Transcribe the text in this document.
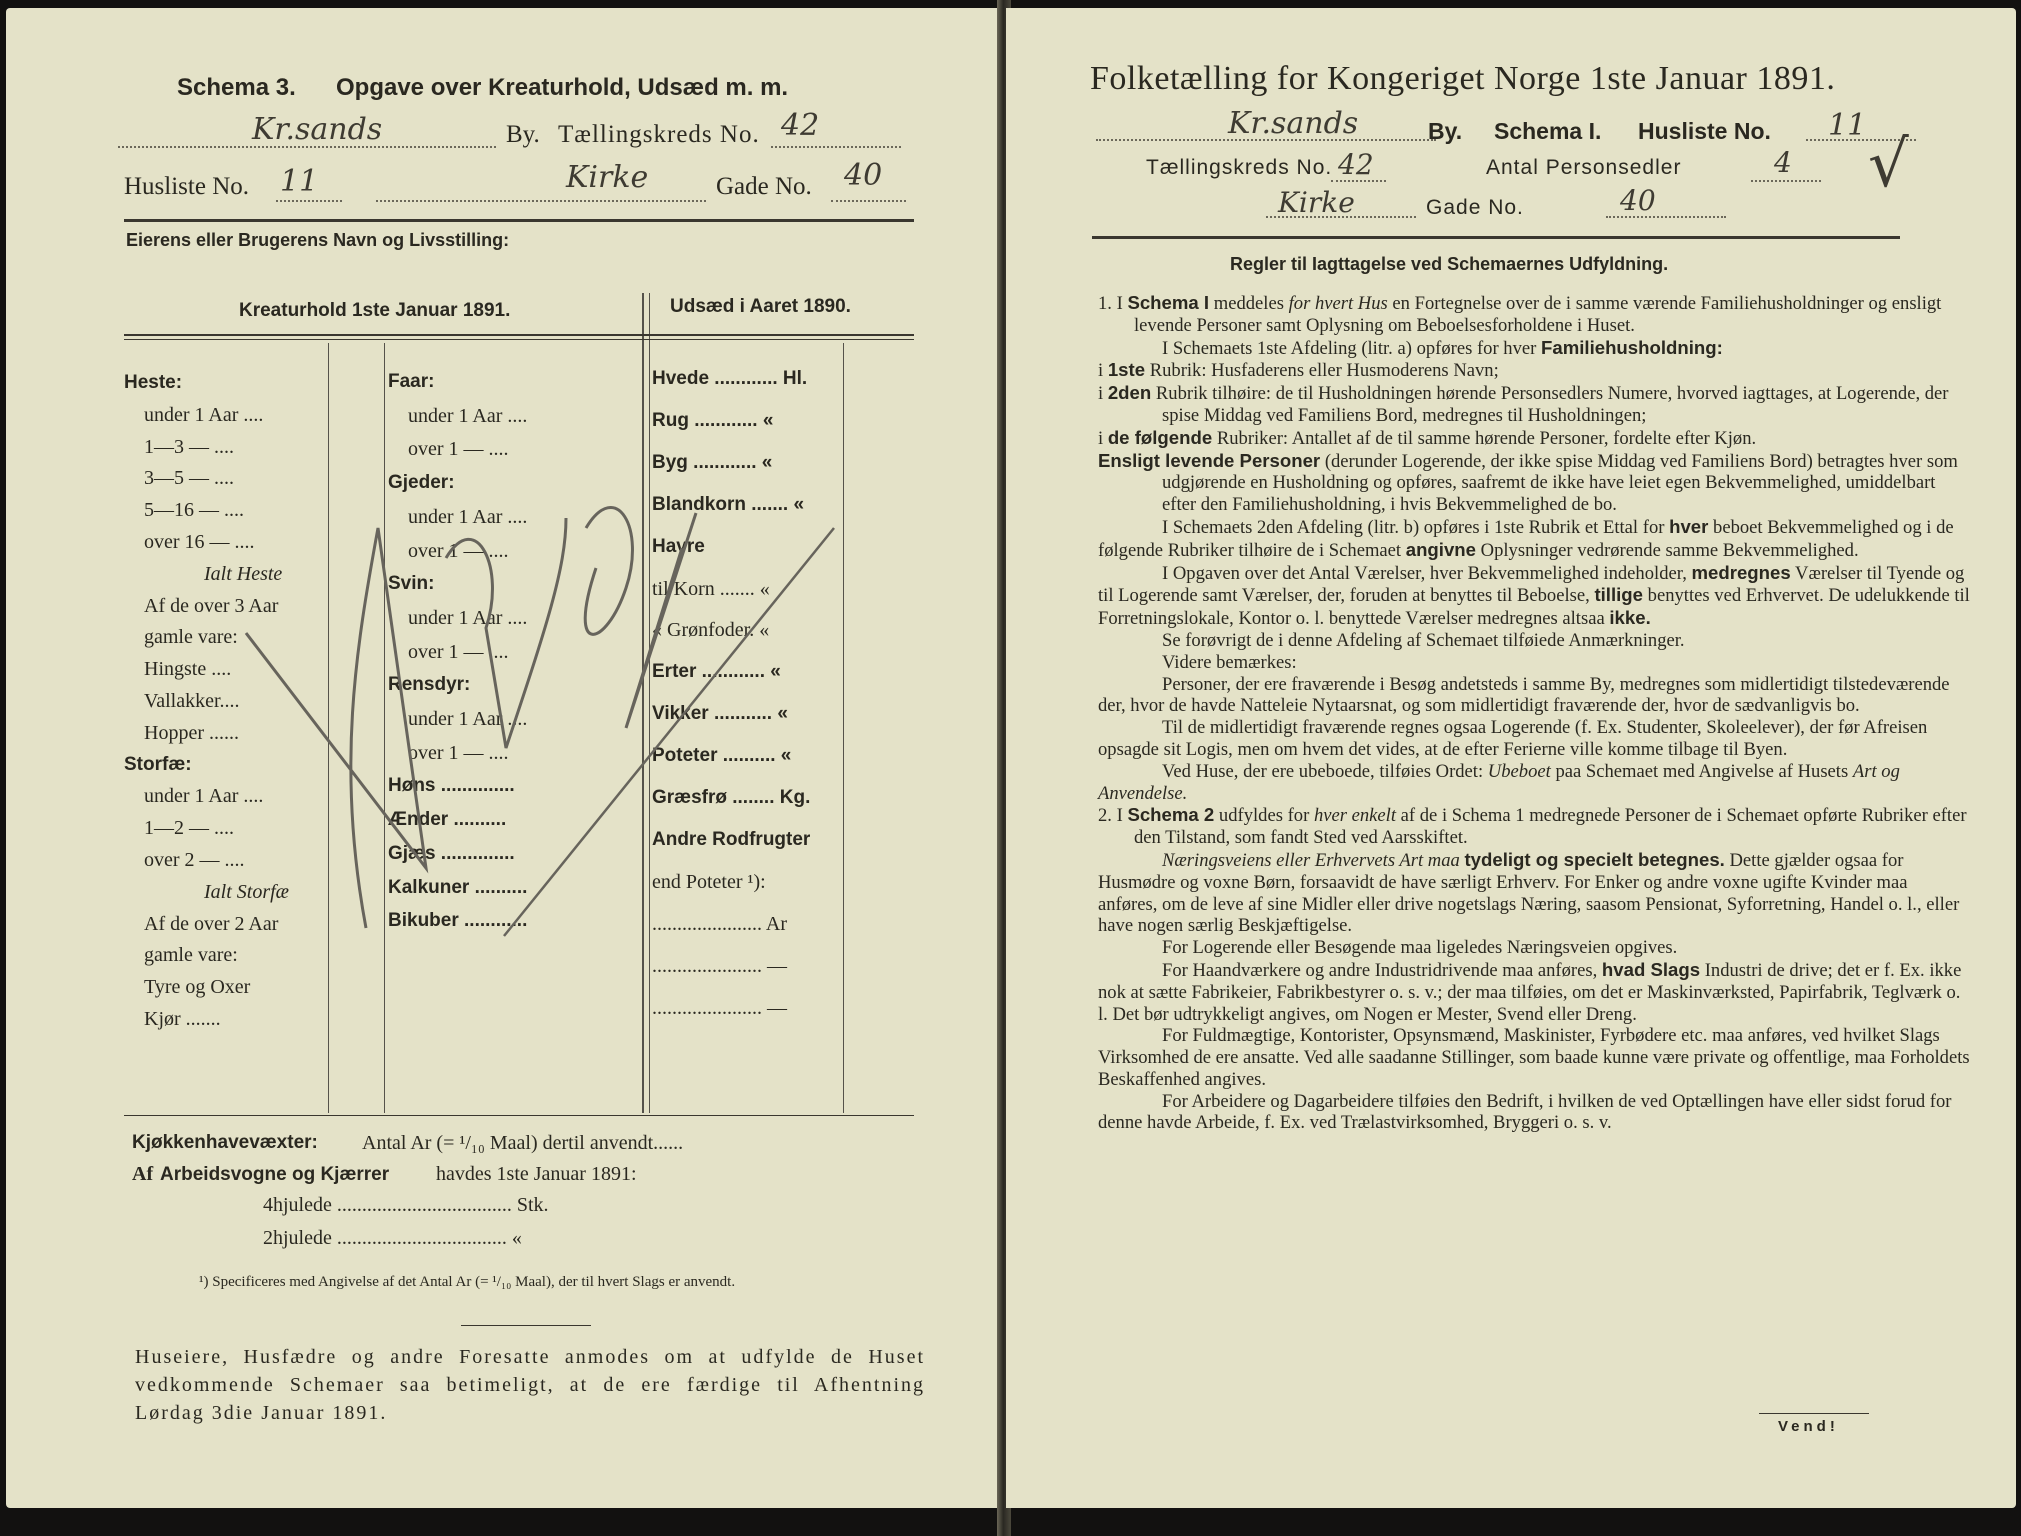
Schema 3. Opgave over Kreaturhold, Udsæd m. m.
Kr.sands	By. Tællingskreds No. 42
Husliste No. 11	Kirke	Gade No. 40
Eierens eller Brugerens Navn og Livsstilling:
Kreaturhold 1ste Januar 1891.	Udsæd i Aaret 1890.
Heste:
under 1 Aar ....
1—3 — ....
3—5 — ....
5—16 — ....
over 16 — ....
Ialt Heste
Af de over 3 Aar
gamle vare:
Hingste ....
Vallakker....
Hopper ......
Storfæ:
under 1 Aar ....
1—2 — ....
over 2 — ....
Ialt Storfæ
Af de over 2 Aar
gamle vare:
Tyre og Oxer
Kjør .......
Faar:
under 1 Aar ....
over 1 — ....
Gjeder:
under 1 Aar ....
over 1 — ....
Svin:
under 1 Aar ....
over 1 — ....
Rensdyr:
under 1 Aar ....
over 1 — ....
Høns ..............
Ænder ..........
Gjæs ..............
Kalkuner ..........
Bikuber ............
Hvede ............ Hl.
Rug ............ «
Byg ............ «
Blandkorn ....... «
Havre
til Korn ....... «
« Grønfoder. «
Erter ............ «
Vikker ........... «
Poteter .......... «
Græsfrø ........ Kg.
Andre Rodfrugter
end Poteter ¹):
...................... Ar
...................... —
...................... —
Kjøkkenhavevæxter: Antal Ar (= ¹/₁₀ Maal) dertil anvendt......
Af Arbeidsvogne og Kjærrer havdes 1ste Januar 1891:
4hjulede ................................... Stk.
2hjulede .................................. «
¹) Specificeres med Angivelse af det Antal Ar (= ¹/₁₀ Maal), der til hvert Slags er anvendt.
Huseiere, Husfædre og andre Foresatte anmodes om at udfylde de Huset vedkommende Schemaer saa betimeligt, at de ere færdige til Afhentning Lørdag 3die Januar 1891.
Folketælling for Kongeriget Norge 1ste Januar 1891.
Kr.sands	By. Schema I. Husliste No. 11
Tællingskreds No. 42	Antal Personsedler	4 √
Kirke	Gade No.	40
Regler til Iagttagelse ved Schemaernes Udfyldning.

1. I Schema I meddeles for hvert Hus en Fortegnelse over de i samme værende Familiehusholdninger og ensligt levende Personer samt Oplysning om Beboelsesforholdene i Huset.

I Schemaets 1ste Afdeling (litr. a) opføres for hver Familiehusholdning:

i 1ste Rubrik: Husfaderens eller Husmoderens Navn;

i 2den Rubrik tilhøire: de til Husholdningen hørende Personsedlers Numere, hvorved iagttages, at Logerende, der spise Middag ved Familiens Bord, medregnes til Husholdningen;

i de følgende Rubriker: Antallet af de til samme hørende Personer, fordelte efter Kjøn.

Ensligt levende Personer (derunder Logerende, der ikke spise Middag ved Familiens Bord) betragtes hver som udgjørende en Husholdning og opføres, saafremt de ikke have leiet egen Bekvemmelighed, umiddelbart efter den Familiehusholdning, i hvis Bekvemmelighed de bo.

I Schemaets 2den Afdeling (litr. b) opføres i 1ste Rubrik et Ettal for hver beboet Bekvemmelighed og i de følgende Rubriker tilhøire de i Schemaet angivne Oplysninger vedrørende samme Bekvemmelighed.

I Opgaven over det Antal Værelser, hver Bekvemmelighed indeholder, medregnes Værelser til Tyende og til Logerende samt Værelser, der, foruden at benyttes til Beboelse, tillige benyttes ved Erhvervet. De udelukkende til Forretningslokale, Kontor o. l. benyttede Værelser medregnes altsaa ikke.

Se forøvrigt de i denne Afdeling af Schemaet tilføiede Anmærkninger.

Videre bemærkes:

Personer, der ere fraværende i Besøg andetsteds i samme By, medregnes som midlertidigt tilstedeværende der, hvor de havde Natteleie Nytaarsnat, og som midlertidigt fraværende der, hvor de sædvanligvis bo.

Til de midlertidigt fraværende regnes ogsaa Logerende (f. Ex. Studenter, Skoleelever), der før Afreisen opsagde sit Logis, men om hvem det vides, at de efter Ferierne ville komme tilbage til Byen.

Ved Huse, der ere ubeboede, tilføies Ordet: Ubeboet paa Schemaet med Angivelse af Husets Art og Anvendelse.

2. I Schema 2 udfyldes for hver enkelt af de i Schema 1 medregnede Personer de i Schemaet opførte Rubriker efter den Tilstand, som fandt Sted ved Aarsskiftet.

Næringsveiens eller Erhvervets Art maa tydeligt og specielt betegnes. Dette gjælder ogsaa for Husmødre og voxne Børn, forsaavidt de have særligt Erhverv. For Enker og andre voxne ugifte Kvinder maa anføres, om de leve af sine Midler eller drive nogetslags Næring, saasom Pensionat, Syforretning, Handel o. l., eller have nogen særlig Beskjæftigelse.

For Logerende eller Besøgende maa ligeledes Næringsveien opgives.

For Haandværkere og andre Industridrivende maa anføres, hvad Slags Industri de drive; det er f. Ex. ikke nok at sætte Fabrikeier, Fabrikbestyrer o. s. v.; der maa tilføies, om det er Maskinværksted, Papirfabrik, Teglværk o. l. Det bør udtrykkeligt angives, om Nogen er Mester, Svend eller Dreng.

For Fuldmægtige, Kontorister, Opsynsmænd, Maskinister, Fyrbødere etc. maa anføres, ved hvilket Slags Virksomhed de ere ansatte. Ved alle saadanne Stillinger, som baade kunne være private og offentlige, maa Forholdets Beskaffenhed angives.

For Arbeidere og Dagarbeidere tilføies den Bedrift, i hvilken de ved Optællingen have eller sidst forud for denne havde Arbeide, f. Ex. ved Trælastvirksomhed, Bryggeri o. s. v.

Vend!
